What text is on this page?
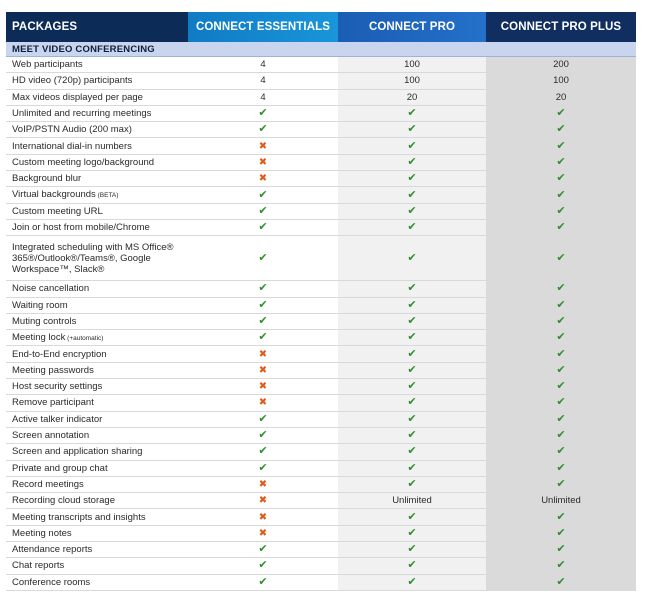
PACKAGES	CONNECT ESSENTIALS	CONNECT PRO	CONNECT PRO PLUS
MEET VIDEO CONFERENCING			
Web participants	4	100	200
HD video (720p) participants	4	100	100
Max videos displayed per page	4	20	20
Unlimited and recurring meetings	✔	✔	✔
VoIP/PSTN Audio (200 max)	✔	✔	✔
International dial-in numbers	✖	✔	✔
Custom meeting logo/background	✖	✔	✔
Background blur	✖	✔	✔
Virtual backgrounds (BETA)	✔	✔	✔
Custom meeting URL	✔	✔	✔
Join or host from mobile/Chrome	✔	✔	✔
Integrated scheduling with MS Office® 365®/Outlook®/Teams®, Google Workspace™, Slack®	✔	✔	✔
Noise cancellation	✔	✔	✔
Waiting room	✔	✔	✔
Muting controls	✔	✔	✔
Meeting lock (+automatic)	✔	✔	✔
End-to-End encryption	✖	✔	✔
Meeting passwords	✖	✔	✔
Host security settings	✖	✔	✔
Remove participant	✖	✔	✔
Active talker indicator	✔	✔	✔
Screen annotation	✔	✔	✔
Screen and application sharing	✔	✔	✔
Private and group chat	✔	✔	✔
Record meetings	✖	✔	✔
Recording cloud storage	✖	Unlimited	Unlimited
Meeting transcripts and insights	✖	✔	✔
Meeting notes	✖	✔	✔
Attendance reports	✔	✔	✔
Chat reports	✔	✔	✔
Conference rooms	✔	✔	✔
